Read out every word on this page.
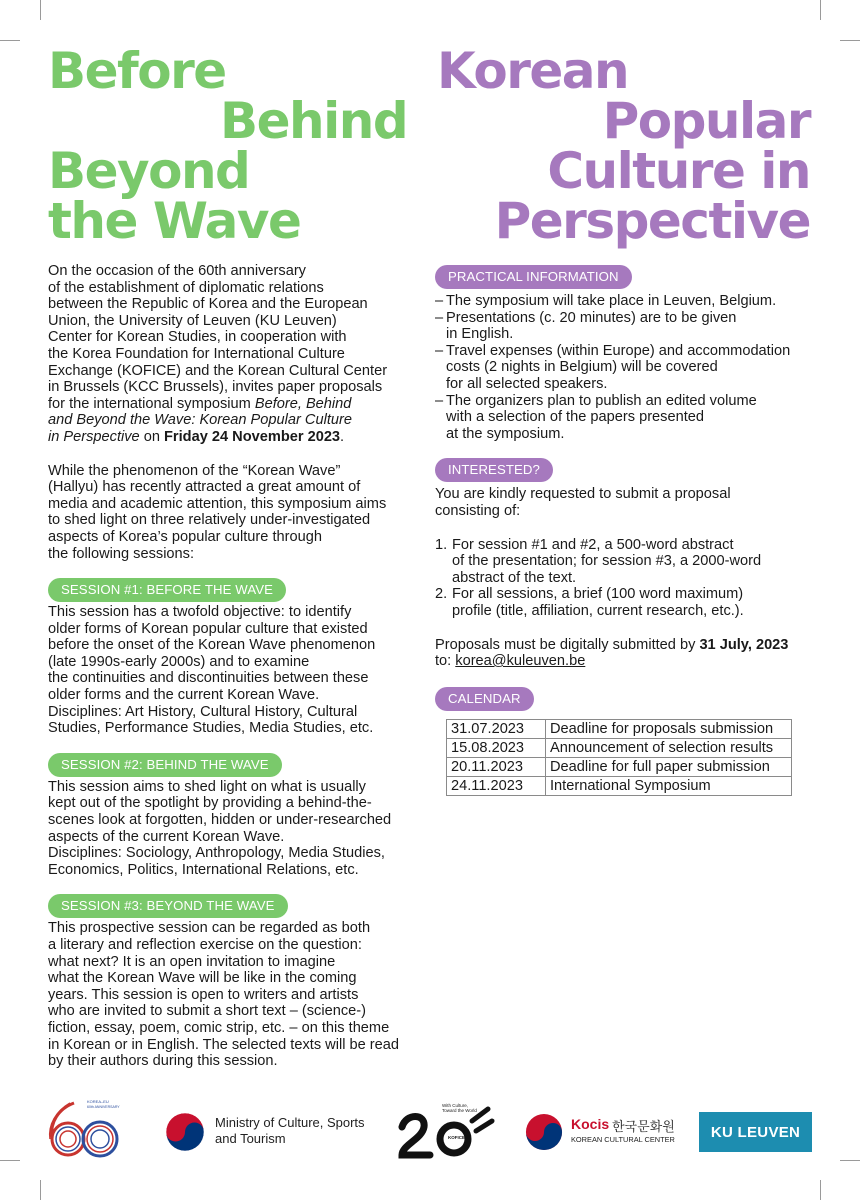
Before
Behind
Beyond
the Wave
Korean
Popular
Culture in
Perspective

On the occasion of the 60th anniversary
of the establishment of diplomatic relations
between the Republic of Korea and the European
Union, the University of Leuven (KU Leuven)
Center for Korean Studies, in cooperation with
the Korea Foundation for International Culture
Exchange (KOFICE) and the Korean Cultural Center
in Brussels (KCC Brussels), invites paper proposals
for the international symposium Before, Behind
and Beyond the Wave: Korean Popular Culture
in Perspective on Friday 24 November 2023.

While the phenomenon of the “Korean Wave”
(Hallyu) has recently attracted a great amount of
media and academic attention, this symposium aims
to shed light on three relatively under-investigated
aspects of Korea’s popular culture through
the following sessions:

SESSION #1: BEFORE THE WAVE

This session has a twofold objective: to identify
older forms of Korean popular culture that existed
before the onset of the Korean Wave phenomenon
(late 1990s-early 2000s) and to examine
the continuities and discontinuities between these
older forms and the current Korean Wave.
Disciplines: Art History, Cultural History, Cultural
Studies, Performance Studies, Media Studies, etc.

SESSION #2: BEHIND THE WAVE

This session aims to shed light on what is usually
kept out of the spotlight by providing a behind-the-
scenes look at forgotten, hidden or under-researched
aspects of the current Korean Wave.
Disciplines: Sociology, Anthropology, Media Studies,
Economics, Politics, International Relations, etc.

SESSION #3: BEYOND THE WAVE

This prospective session can be regarded as both
a literary and reflection exercise on the question:
what next? It is an open invitation to imagine
what the Korean Wave will be like in the coming
years. This session is open to writers and artists
who are invited to submit a short text – (science-)
fiction, essay, poem, comic strip, etc. – on this theme
in Korean or in English. The selected texts will be read
by their authors during this session.

PRACTICAL INFORMATION
– The symposium will take place in Leuven, Belgium.
– Presentations (c. 20 minutes) are to be given
in English.
– Travel expenses (within Europe) and accommodation
costs (2 nights in Belgium) will be covered
for all selected speakers.
– The organizers plan to publish an edited volume
with a selection of the papers presented
at the symposium.
INTERESTED?

You are kindly requested to submit a proposal
consisting of:

1. For session #1 and #2, a 500-word abstract
of the presentation; for session #3, a 2000-word
abstract of the text.
2. For all sessions, a brief (100 word maximum)
profile (title, affiliation, current research, etc.).

Proposals must be digitally submitted by 31 July, 2023
to: korea@kuleuven.be

CALENDAR
31.07.2023	Deadline for proposals submission
15.08.2023	Announcement of selection results
20.11.2023	Deadline for full paper submission
24.11.2023	International Symposium
KOREA–EU
60th ANNIVERSARY
Ministry of Culture, Sports
and Tourism	KOFICE
With Culture,
Toward the World
Kocis 한국문화원
KOREAN CULTURAL CENTER	KU LEUVEN
